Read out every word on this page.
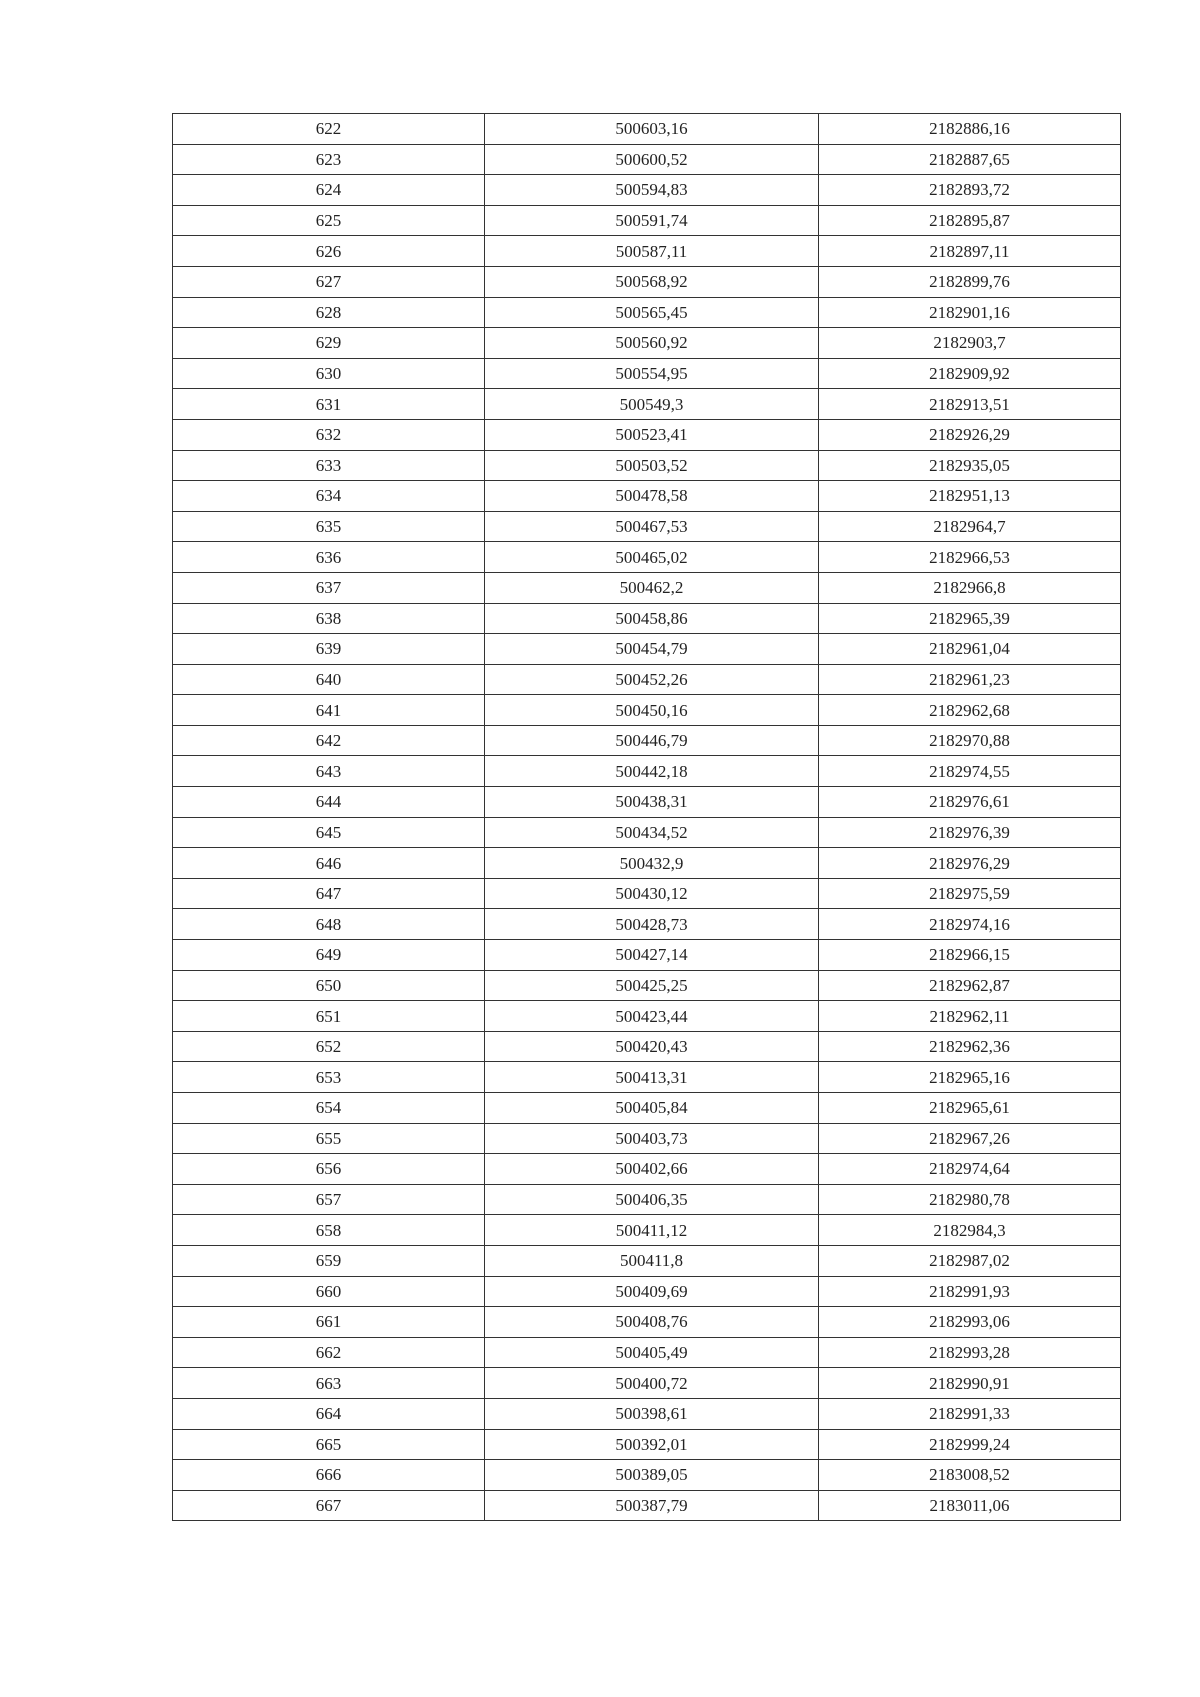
622	500603,16	2182886,16
623	500600,52	2182887,65
624	500594,83	2182893,72
625	500591,74	2182895,87
626	500587,11	2182897,11
627	500568,92	2182899,76
628	500565,45	2182901,16
629	500560,92	2182903,7
630	500554,95	2182909,92
631	500549,3	2182913,51
632	500523,41	2182926,29
633	500503,52	2182935,05
634	500478,58	2182951,13
635	500467,53	2182964,7
636	500465,02	2182966,53
637	500462,2	2182966,8
638	500458,86	2182965,39
639	500454,79	2182961,04
640	500452,26	2182961,23
641	500450,16	2182962,68
642	500446,79	2182970,88
643	500442,18	2182974,55
644	500438,31	2182976,61
645	500434,52	2182976,39
646	500432,9	2182976,29
647	500430,12	2182975,59
648	500428,73	2182974,16
649	500427,14	2182966,15
650	500425,25	2182962,87
651	500423,44	2182962,11
652	500420,43	2182962,36
653	500413,31	2182965,16
654	500405,84	2182965,61
655	500403,73	2182967,26
656	500402,66	2182974,64
657	500406,35	2182980,78
658	500411,12	2182984,3
659	500411,8	2182987,02
660	500409,69	2182991,93
661	500408,76	2182993,06
662	500405,49	2182993,28
663	500400,72	2182990,91
664	500398,61	2182991,33
665	500392,01	2182999,24
666	500389,05	2183008,52
667	500387,79	2183011,06
